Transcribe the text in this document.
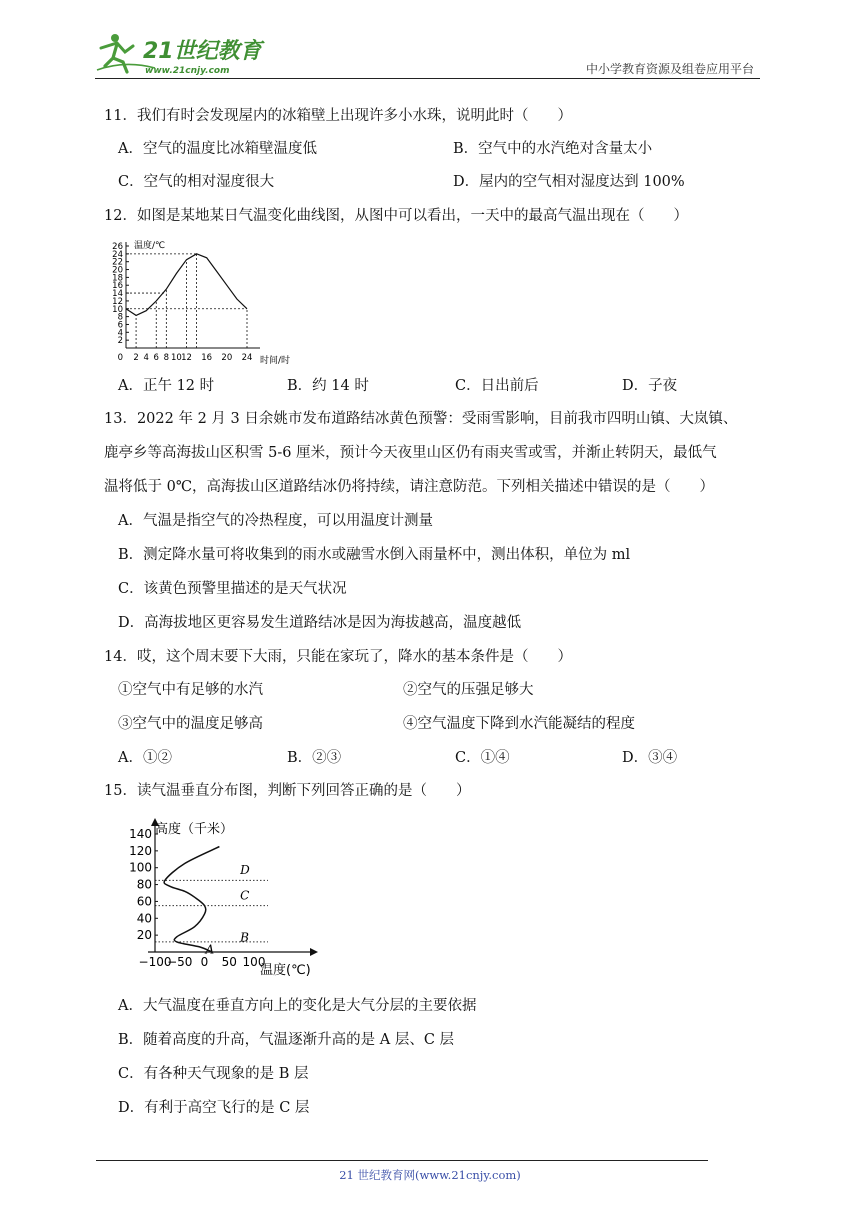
21世纪教育
www.21cnjy.com	中小学教育资源及组卷应用平台
11．我们有时会发现屋内的冰箱壁上出现许多小水珠，说明此时（　　）
A．空气的温度比冰箱壁温度低	B．空气中的水汽绝对含量太小
C．空气的相对湿度很大	D．屋内的空气相对湿度达到 100%
12．如图是某地某日气温变化曲线图，从图中可以看出，一天中的最高气温出现在（　　）
2
4
6
8
10
12
14
16
18
20
22
24
26
0 2 4 6 8 10 12 16 20 24
温度/℃
时间/时
A．正午 12 时	B．约 14 时	C．日出前后	D．子夜
13．2022 年 2 月 3 日余姚市发布道路结冰黄色预警：受雨雪影响，目前我市四明山镇、大岚镇、
鹿亭乡等高海拔山区积雪 5-6 厘米，预计今天夜里山区仍有雨夹雪或雪，并渐止转阴天，最低气
温将低于 0℃，高海拔山区道路结冰仍将持续，请注意防范。下列相关描述中错误的是（　　）
A．气温是指空气的冷热程度，可以用温度计测量
B．测定降水量可将收集到的雨水或融雪水倒入雨量杯中，测出体积，单位为 ml
C．该黄色预警里描述的是天气状况
D．高海拔地区更容易发生道路结冰是因为海拔越高，温度越低
14．哎，这个周末要下大雨，只能在家玩了，降水的基本条件是（　　）
①空气中有足够的水汽	②空气的压强足够大
③空气中的温度足够高	④空气温度下降到水汽能凝结的程度
A．①②	B．②③	C．①④	D．③④
15．读气温垂直分布图，判断下列回答正确的是（　　）
20
40
60
80
100
120
140
−100
−50 0 50 100
A
B
C
D
高度（千米）
温度(℃)
A．大气温度在垂直方向上的变化是大气分层的主要依据
B．随着高度的升高，气温逐渐升高的是 A 层、C 层
C．有各种天气现象的是 B 层
D．有利于高空飞行的是 C 层
21 世纪教育网(www.21cnjy.com)
